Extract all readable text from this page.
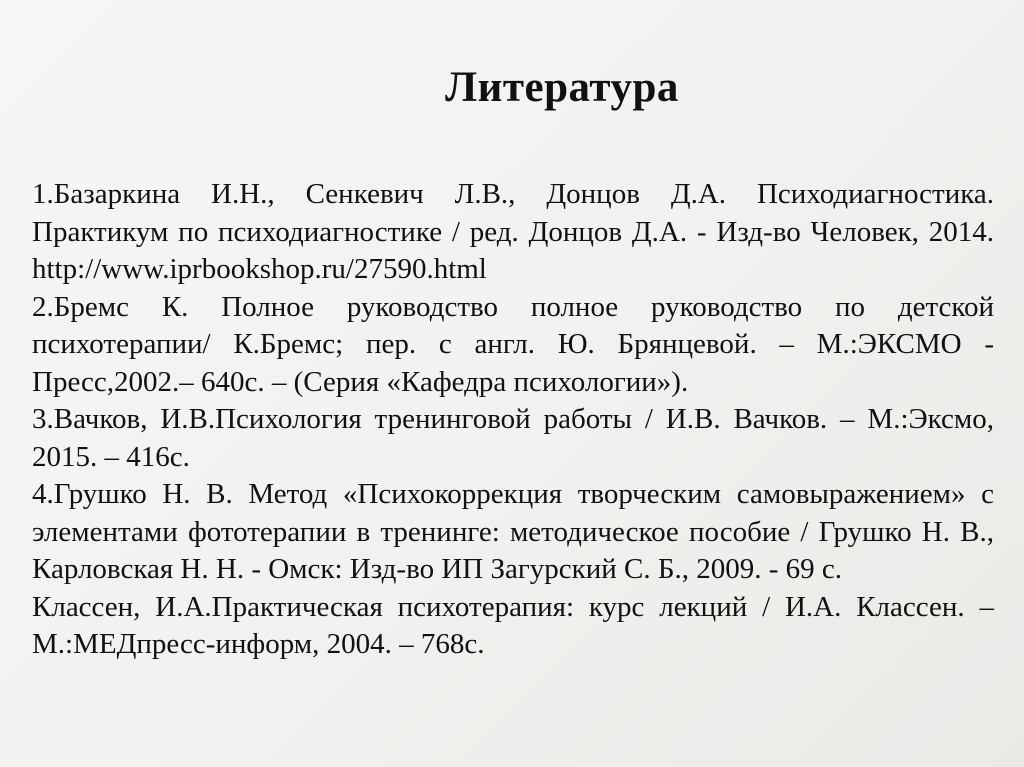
Литература

1.Базаркина И.Н., Сенкевич Л.В., Донцов Д.А. Психодиагностика. Практикум по психодиагностике / ред. Донцов Д.А. - Изд-во Человек, 2014. http://www.iprbookshop.ru/27590.html

2.Бремс К. Полное руководство полное руководство по детской психотерапии/ К.Бремс; пер. с англ. Ю. Брянцевой. – М.:ЭКСМО - Пресс,2002.– 640с. – (Серия «Кафедра психологии»).

3.Вачков, И.В.Психология тренинговой работы / И.В. Вачков. – М.:Эксмо, 2015. – 416с.

4.Грушко Н. В. Метод «Психокоррекция творческим самовыражением» с элементами фототерапии в тренинге: методическое пособие / Грушко Н. В., Карловская Н. Н. - Омск: Изд-во ИП Загурский С. Б., 2009. - 69 с.

Классен, И.А.Практическая психотерапия: курс лекций / И.А. Классен. – М.:МЕДпресс-информ, 2004. – 768с.
